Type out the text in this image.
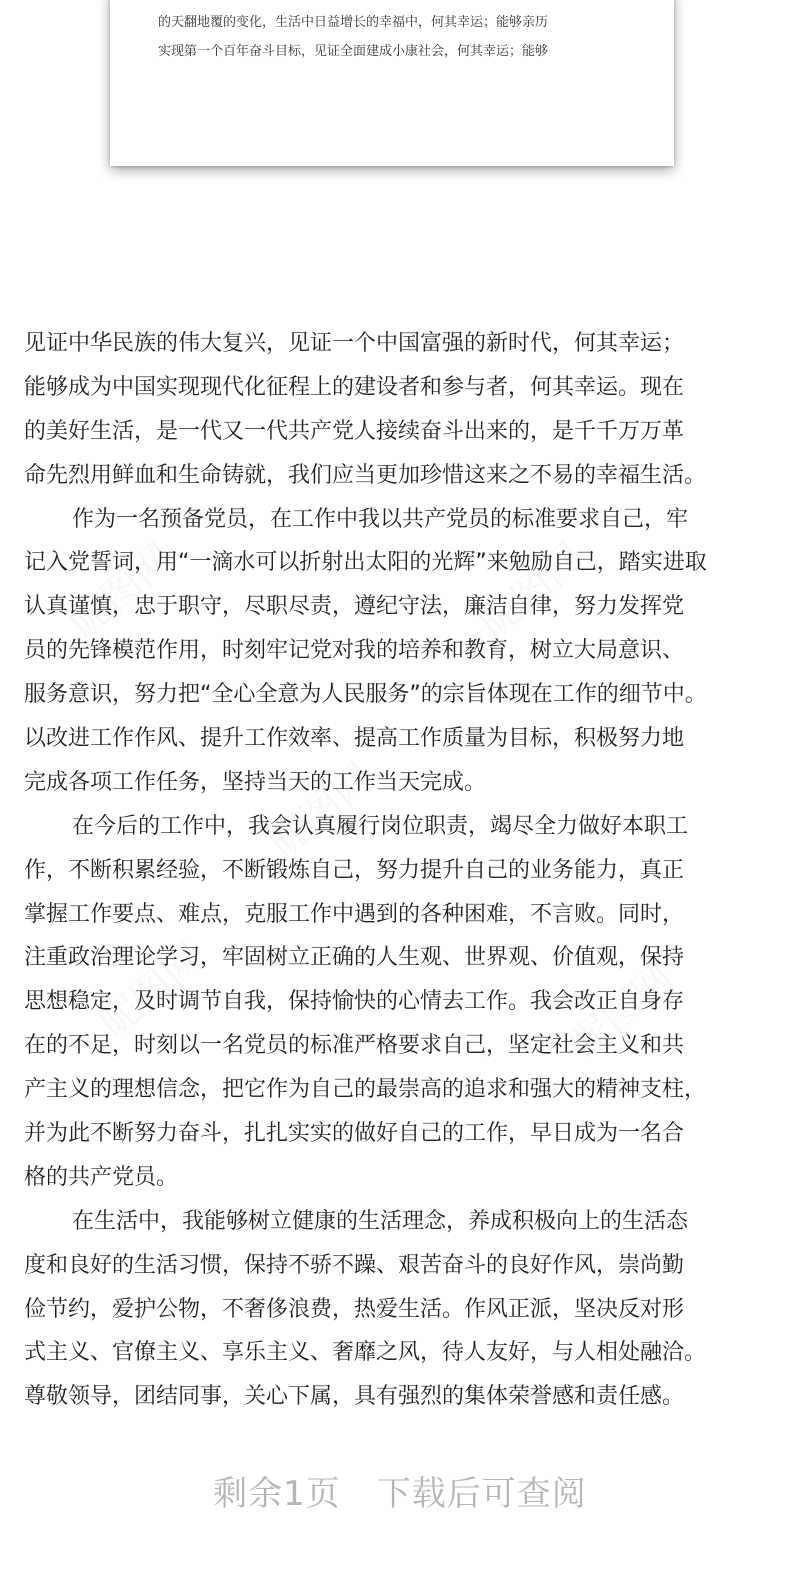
的天翻地覆的变化，生活中日益增长的幸福中，何其幸运；能够亲历
实现第一个百年奋斗目标，见证全面建成小康社会，何其幸运；能够
见证中华民族的伟大复兴，见证一个中国富强的新时代，何其幸运；
能够成为中国实现现代化征程上的建设者和参与者，何其幸运。现在
的美好生活，是一代又一代共产党人接续奋斗出来的，是千千万万革
命先烈用鲜血和生命铸就，我们应当更加珍惜这来之不易的幸福生活。
作为一名预备党员，在工作中我以共产党员的标准要求自己，牢
记入党誓词，用“一滴水可以折射出太阳的光辉”来勉励自己，踏实进取
认真谨慎，忠于职守，尽职尽责，遵纪守法，廉洁自律，努力发挥党
员的先锋模范作用，时刻牢记党对我的培养和教育，树立大局意识、
服务意识，努力把“全心全意为人民服务”的宗旨体现在工作的细节中。
以改进工作作风、提升工作效率、提高工作质量为目标，积极努力地
完成各项工作任务，坚持当天的工作当天完成。
在今后的工作中，我会认真履行岗位职责，竭尽全力做好本职工
作，不断积累经验，不断锻炼自己，努力提升自己的业务能力，真正
掌握工作要点、难点，克服工作中遇到的各种困难，不言败。同时，
注重政治理论学习，牢固树立正确的人生观、世界观、价值观，保持
思想稳定，及时调节自我，保持愉快的心情去工作。我会改正自身存
在的不足，时刻以一名党员的标准严格要求自己，坚定社会主义和共
产主义的理想信念，把它作为自己的最崇高的追求和强大的精神支柱，
并为此不断努力奋斗，扎扎实实的做好自己的工作，早日成为一名合
格的共产党员。
在生活中，我能够树立健康的生活理念，养成积极向上的生活态
度和良好的生活习惯，保持不骄不躁、艰苦奋斗的良好作风，崇尚勤
俭节约，爱护公物，不奢侈浪费，热爱生活。作风正派，坚决反对形
式主义、官僚主义、享乐主义、奢靡之风，待人友好，与人相处融洽。
尊敬领导，团结同事，关心下属，具有强烈的集体荣誉感和责任感。
剩余1页 下载后可查阅
